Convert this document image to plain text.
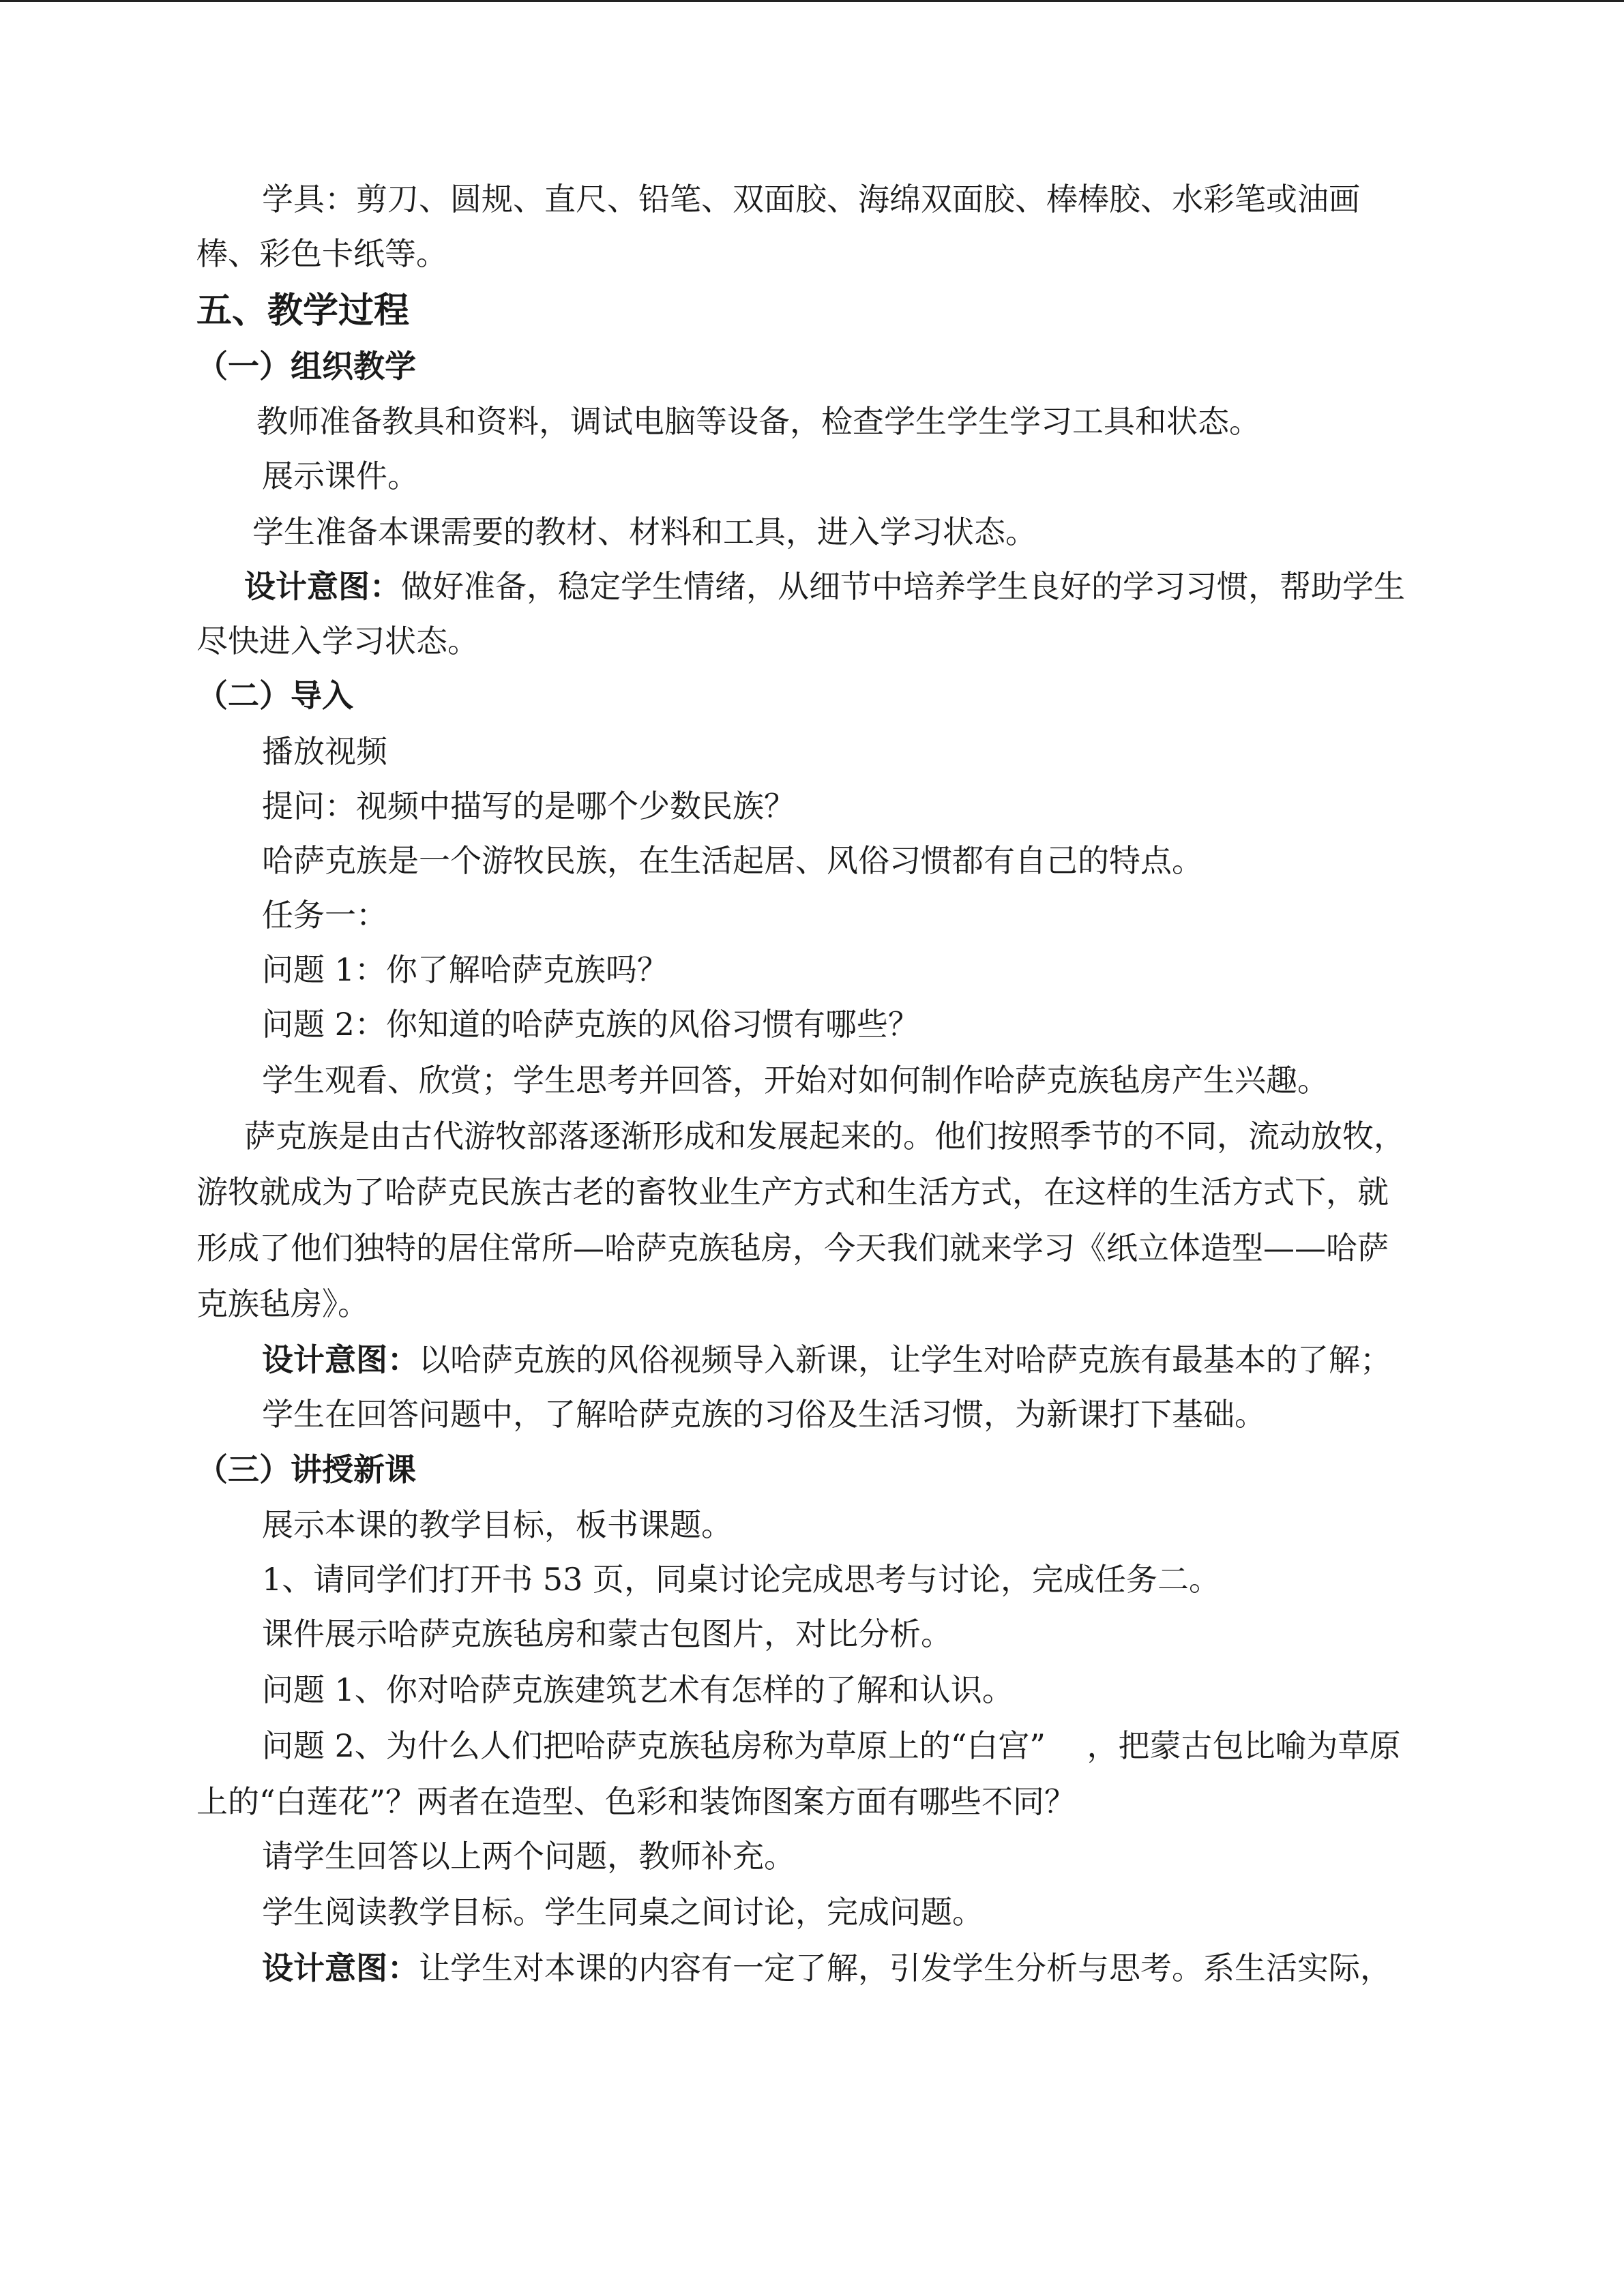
学具：剪刀、圆规、直尺、铅笔、双面胶、海绵双面胶、棒棒胶、水彩笔或油画
棒、彩色卡纸等。
五、教学过程
（一）组织教学
教师准备教具和资料，调试电脑等设备，检查学生学生学习工具和状态。
展示课件。
学生准备本课需要的教材、材料和工具，进入学习状态。
设计意图：做好准备，稳定学生情绪，从细节中培养学生良好的学习习惯，帮助学生
尽快进入学习状态。
（二）导入
播放视频
提问：视频中描写的是哪个少数民族？
哈萨克族是一个游牧民族，在生活起居、风俗习惯都有自己的特点。
任务一：
问题 1：你了解哈萨克族吗？
问题 2：你知道的哈萨克族的风俗习惯有哪些？
学生观看、欣赏；学生思考并回答，开始对如何制作哈萨克族毡房产生兴趣。
萨克族是由古代游牧部落逐渐形成和发展起来的。他们按照季节的不同，流动放牧，
游牧就成为了哈萨克民族古老的畜牧业生产方式和生活方式，在这样的生活方式下，就
形成了他们独特的居住常所—哈萨克族毡房，今天我们就来学习《纸立体造型——哈萨
克族毡房》。
设计意图：以哈萨克族的风俗视频导入新课，让学生对哈萨克族有最基本的了解；
学生在回答问题中，了解哈萨克族的习俗及生活习惯，为新课打下基础。
（三）讲授新课
展示本课的教学目标，板书课题。
1、请同学们打开书 53 页，同桌讨论完成思考与讨论，完成任务二。
课件展示哈萨克族毡房和蒙古包图片，对比分析。
问题 1、你对哈萨克族建筑艺术有怎样的了解和认识。
问题 2、为什么人们把哈萨克族毡房称为草原上的“白宫”　 ，把蒙古包比喻为草原
上的“白莲花”？两者在造型、色彩和装饰图案方面有哪些不同？
请学生回答以上两个问题，教师补充。
学生阅读教学目标。学生同桌之间讨论，完成问题。
设计意图：让学生对本课的内容有一定了解，引发学生分析与思考。系生活实际，
